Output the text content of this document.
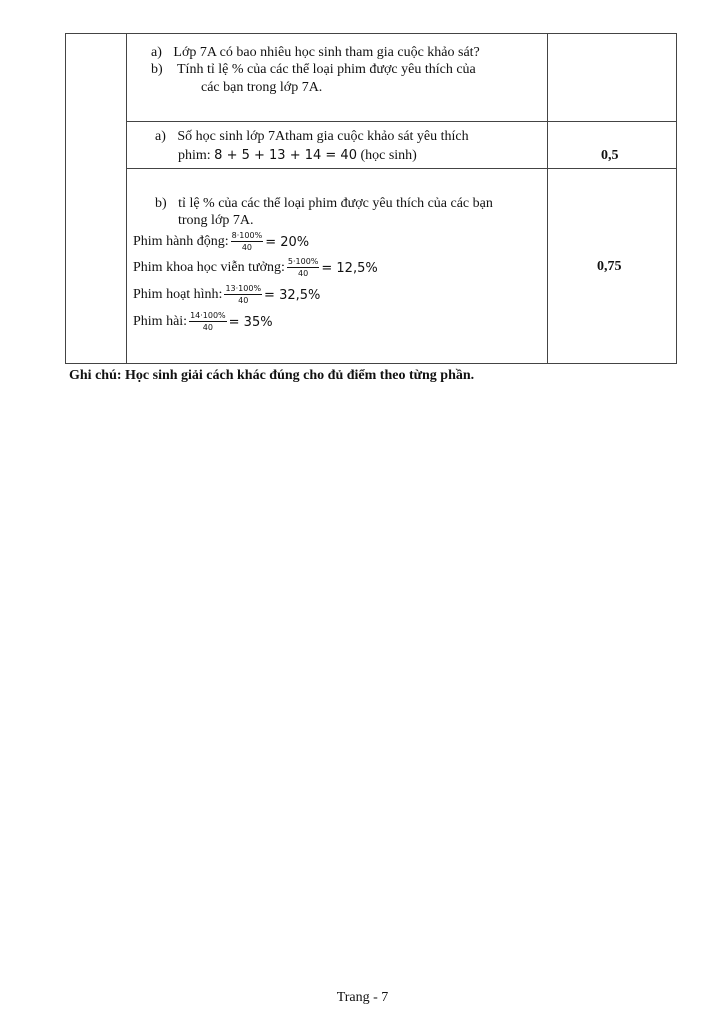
a) Lớp 7A có bao nhiêu học sinh tham gia cuộc khảo sát?
b) Tính tỉ lệ % của các thể loại phim được yêu thích của
các bạn trong lớp 7A.
a) Số học sinh lớp 7Atham gia cuộc khảo sát yêu thích
phim: 8 + 5 + 13 + 14 = 40 (học sinh)	0,5
b) tỉ lệ % của các thể loại phim được yêu thích của các bạn
trong lớp 7A.
Phim hành động: $\frac{8\cdot 100\%}{40} = 20\%$
Phim khoa học viễn tưởng: $\frac{5\cdot 100\%}{40} = 12,5\%$
Phim hoạt hình: $\frac{13\cdot 100\%}{40} = 32,5\%$
Phim hài: $\frac{14\cdot 100\%}{40} = 35\%$
0,75
Ghi chú: Học sinh giải cách khác đúng cho đủ điểm theo từng phần.
Trang - 7
